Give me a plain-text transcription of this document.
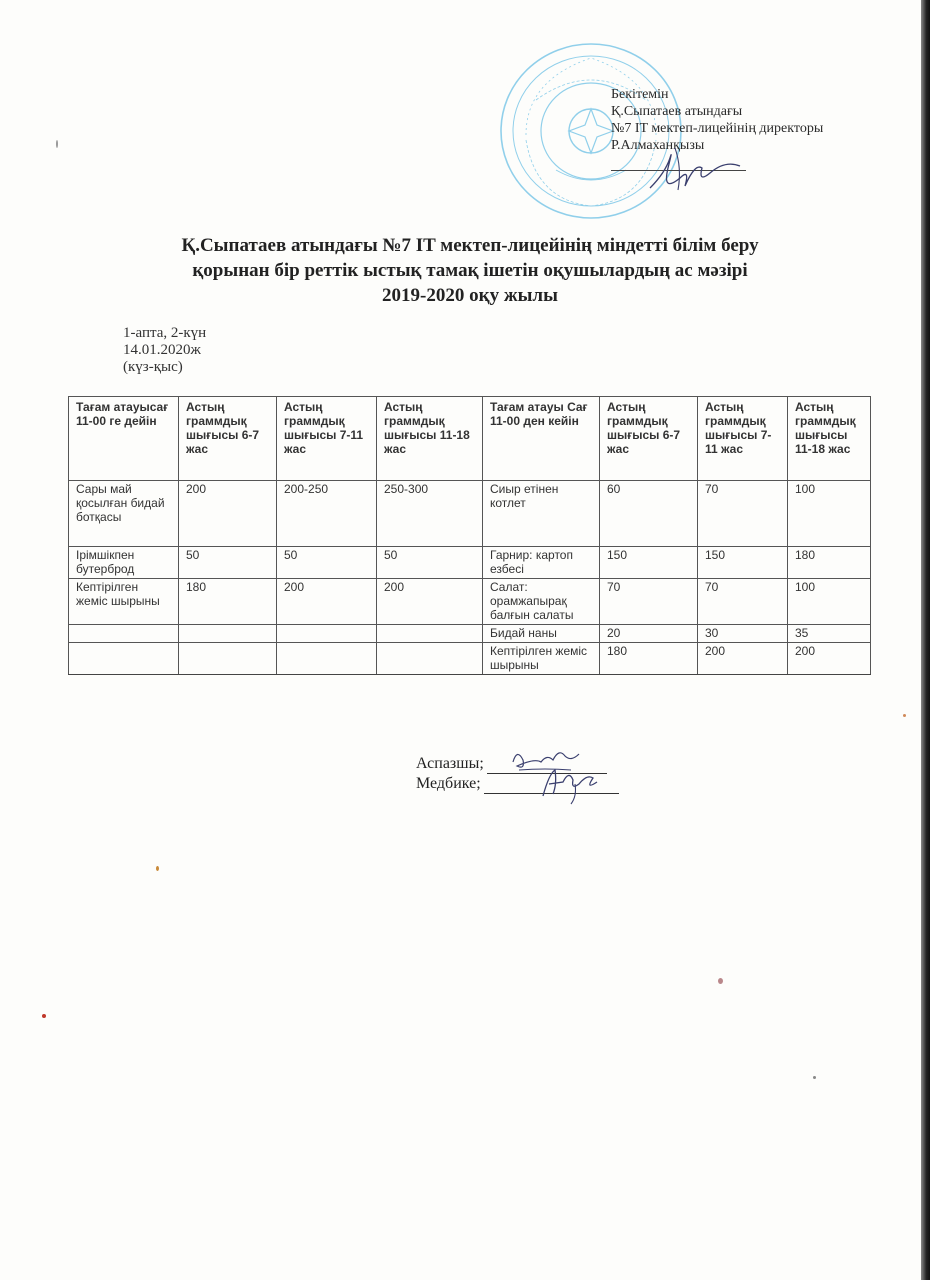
Бекітемін
Қ.Сыпатаев атындағы
№7 IT мектеп-лицейінің директоры
Р.Алмаханқызы
Қ.Сыпатаев атындағы №7 IT мектеп-лицейінің міндетті білім беру
қорынан бір реттік ыстық тамақ ішетін оқушылардың ас мәзірі
2019-2020 оқу жылы
1-апта, 2-күн
14.01.2020ж
(күз-қыс)
Тағам атауысағ 11-00 ге дейін	Астың граммдық шығысы 6-7 жас	Астың граммдық шығысы 7-11 жас	Астың граммдық шығысы 11-18 жас	Тағам атауы Сағ 11-00 ден кейін	Астың граммдық шығысы 6-7 жас	Астың граммдық шығысы 7-11 жас	Астың граммдық шығысы 11-18 жас
Сары май қосылған бидай ботқасы	200	200-250	250-300	Сиыр етінен котлет	60	70	100
Ірімшікпен бутерброд	50	50	50	Гарнир: картоп езбесі	150	150	180
Кептірілген жеміс шырыны	180	200	200	Салат: орамжапырақ балғын салаты	70	70	100
				Бидай наны	20	30	35
				Кептірілген жеміс шырыны	180	200	200
Аспазшы;
Медбике;
